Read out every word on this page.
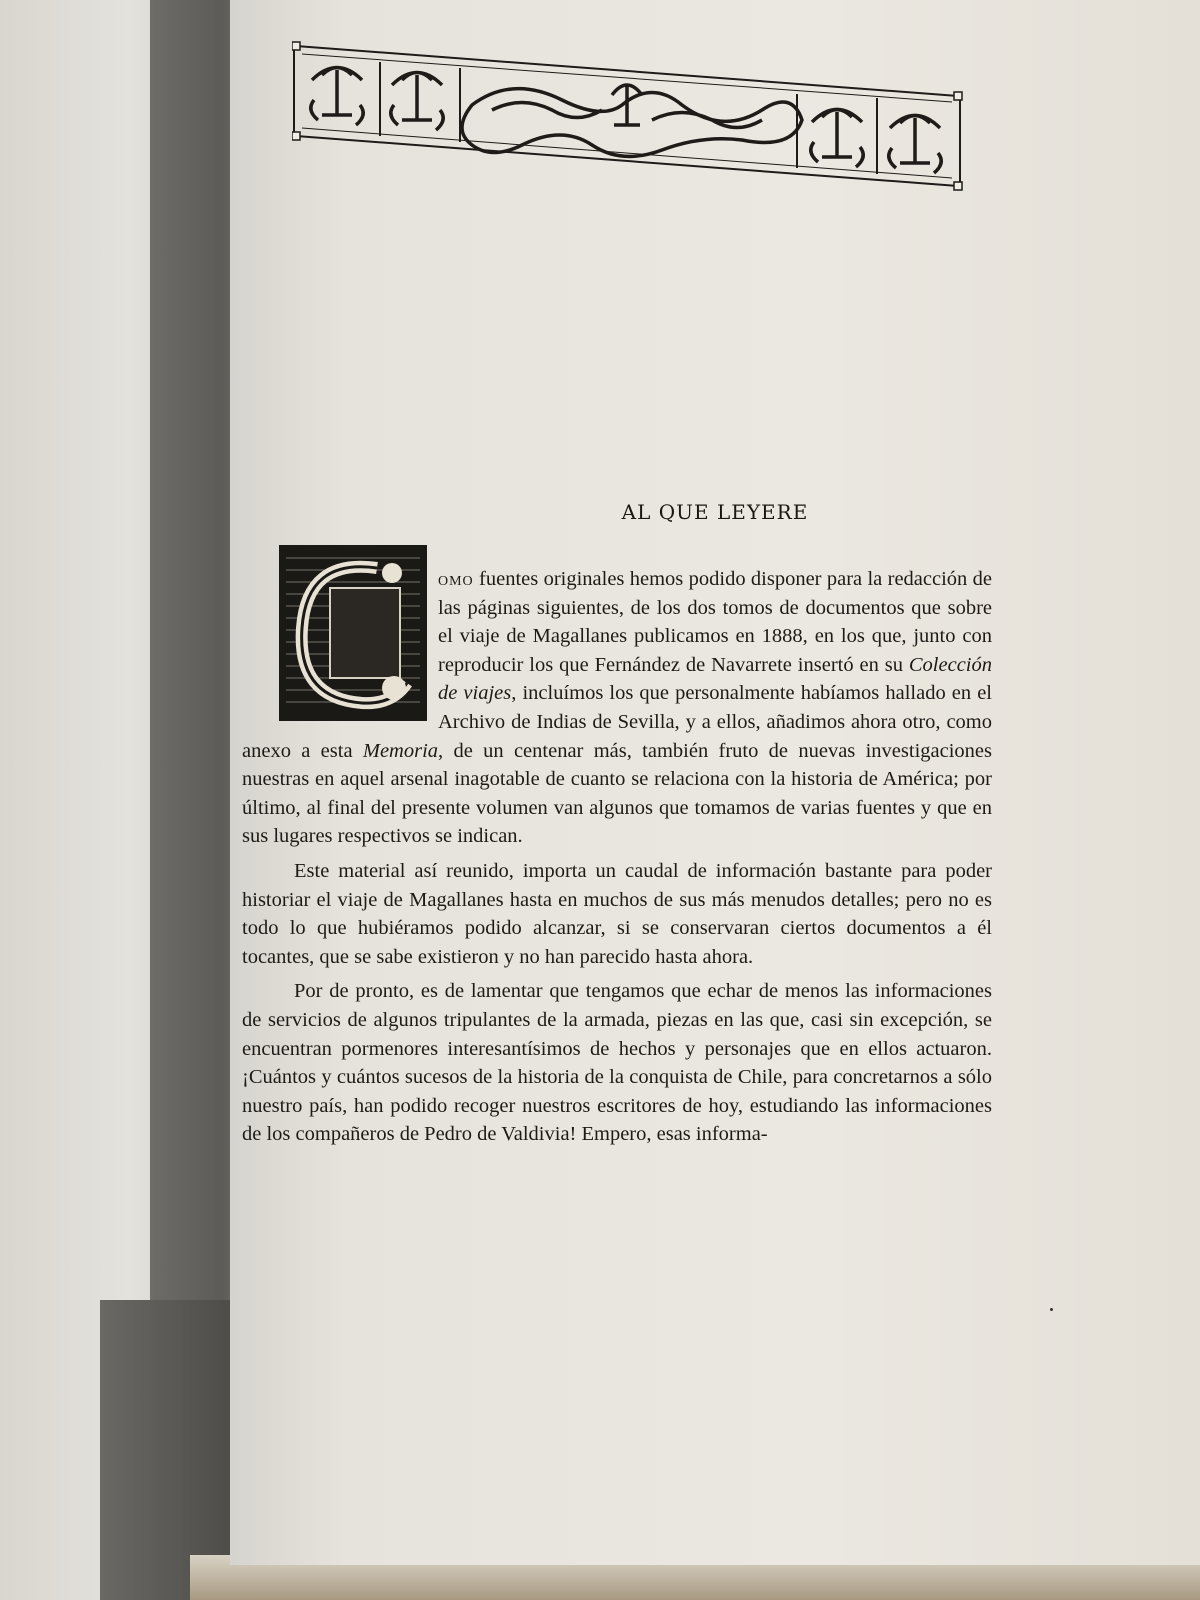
AL QUE LEYERE

omo fuentes originales hemos podido disponer para la redacción de las páginas siguientes, de los dos tomos de documentos que sobre el viaje de Magallanes publicamos en 1888, en los que, junto con reproducir los que Fernández de Navarrete insertó en su Colección de viajes, incluímos los que personalmente habíamos hallado en el Archivo de Indias de Sevilla, y a ellos, añadimos ahora otro, como anexo a esta Memoria, de un centenar más, también fruto de nuevas investigaciones nuestras en aquel arsenal inagotable de cuanto se relaciona con la historia de América; por último, al final del presente volumen van algunos que tomamos de varias fuentes y que en sus lugares respectivos se indican.

Este material así reunido, importa un caudal de información bastante para poder historiar el viaje de Magallanes hasta en muchos de sus más menudos detalles; pero no es todo lo que hubiéramos podido alcanzar, si se conservaran ciertos documentos a él tocantes, que se sabe existieron y no han parecido hasta ahora.

Por de pronto, es de lamentar que tengamos que echar de menos las informaciones de servicios de algunos tripulantes de la armada, piezas en las que, casi sin excepción, se encuentran pormenores interesantísimos de hechos y personajes que en ellos actuaron. ¡Cuántos y cuántos sucesos de la historia de la conquista de Chile, para concretarnos a sólo nuestro país, han podido recoger nuestros escritores de hoy, estudiando las informaciones de los compañeros de Pedro de Valdivia! Empero, esas informa-
